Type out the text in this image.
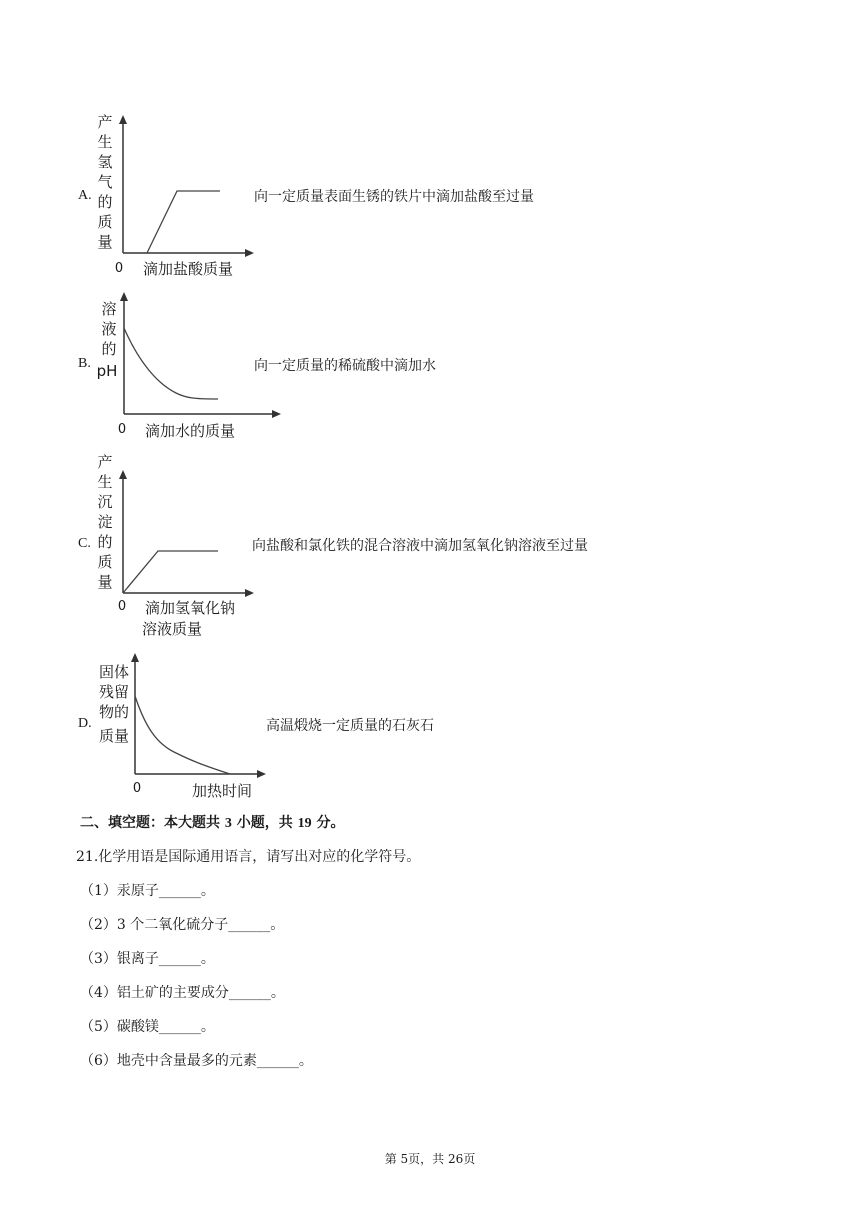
A.
产
生
氢
气
的
质
量
0 滴加盐酸质量
向一定质量表面生锈的铁片中滴加盐酸至过量
B.
溶
液
的
pH
0 滴加水的质量
向一定质量的稀硫酸中滴加水
C.
产
生
沉
淀
的
质
量
0 滴加氢氧化钠
溶液质量
向盐酸和氯化铁的混合溶液中滴加氢氧化钠溶液至过量
D.
固体
残留
物的
质量
0	加热时间
高温煅烧一定质量的石灰石
二、填空题：本大题共 3 小题，共 19 分。
21.化学用语是国际通用语言，请写出对应的化学符号。
（1）汞原子______。
（2）3 个二氧化硫分子______。
（3）银离子______。
（4）铝土矿的主要成分______。
（5）碳酸镁______。
（6）地壳中含量最多的元素______。
第 5页，共 26页
